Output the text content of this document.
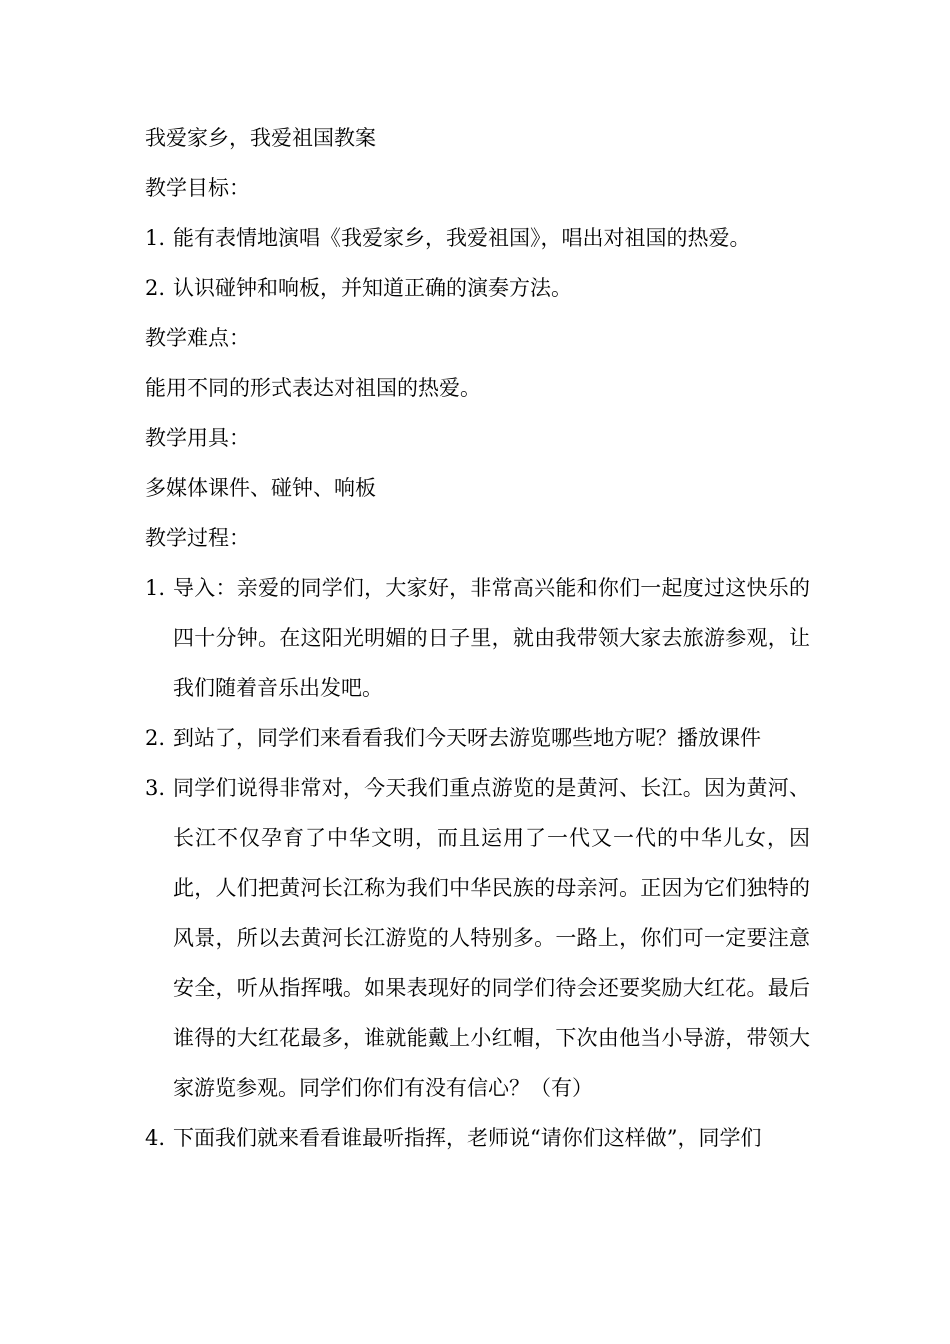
我爱家乡，我爱祖国教案

教学目标：

1. 能有表情地演唱《我爱家乡，我爱祖国》，唱出对祖国的热爱。
2. 认识碰钟和响板，并知道正确的演奏方法。

教学难点：

能用不同的形式表达对祖国的热爱。

教学用具：

多媒体课件、碰钟、响板

教学过程：

1. 导入：亲爱的同学们，大家好，非常高兴能和你们一起度过这快乐的四十分钟。在这阳光明媚的日子里，就由我带领大家去旅游参观，让我们随着音乐出发吧。
2. 到站了，同学们来看看我们今天呀去游览哪些地方呢？播放课件
3. 同学们说得非常对，今天我们重点游览的是黄河、长江。因为黄河、长江不仅孕育了中华文明，而且运用了一代又一代的中华儿女，因此，人们把黄河长江称为我们中华民族的母亲河。正因为它们独特的风景，所以去黄河长江游览的人特别多。一路上，你们可一定要注意安全，听从指挥哦。如果表现好的同学们待会还要奖励大红花。最后谁得的大红花最多，谁就能戴上小红帽，下次由他当小导游，带领大家游览参观。同学们你们有没有信心？（有）
4. 下面我们就来看看谁最听指挥，老师说“请你们这样做”，同学们
